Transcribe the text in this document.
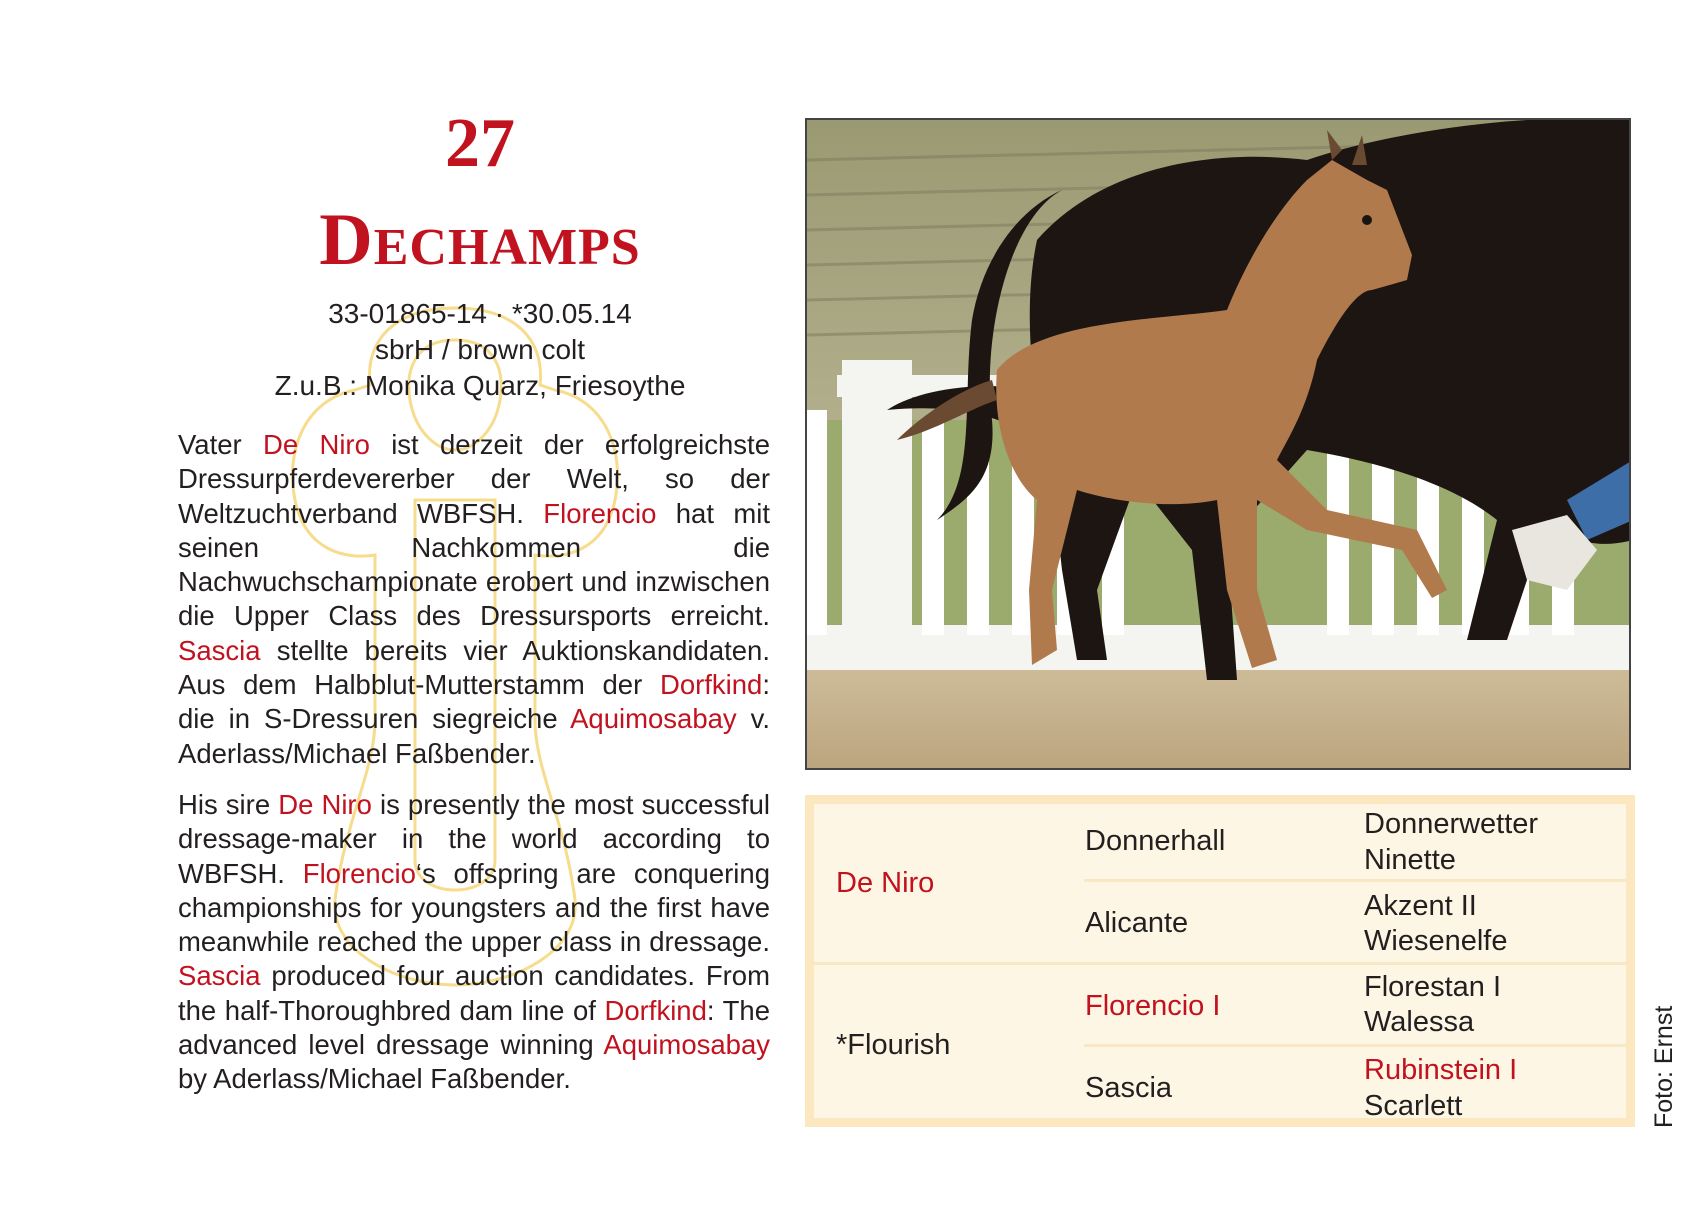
27
Dechamps
33-01865-14 · *30.05.14
sbrH / brown colt
Z.u.B.: Monika Quarz, Friesoythe

Vater De Niro ist derzeit der erfolgreichste Dressurpferdevererber der Welt, so der Weltzuchtverband WBFSH. Florencio hat mit seinen Nachkommen die Nachwuchschampionate erobert und inzwischen die Upper Class des Dressursports erreicht. Sascia stellte bereits vier Auktionskandidaten. Aus dem Halbblut-Mutterstamm der Dorfkind: die in S-Dressuren siegreiche Aquimosabay v. Aderlass/Michael Faßbender.

His sire De Niro is presently the most successful dressage-maker in the world according to WBFSH. Florencio‘s offspring are conquering championships for youngsters and the first have meanwhile reached the upper class in dressage. Sascia produced four auction candidates. From the half-Thoroughbred dam line of Dorfkind: The advanced level dressage winning Aquimosabay by Aderlass/Michael Faßbender.

De Niro
*Flourish
Donnerhall
Alicante
Florencio I
Sascia
Donnerwetter
Ninette
Akzent II
Wiesenelfe
Florestan I
Walessa
Rubinstein I
Scarlett	Foto: Ernst
